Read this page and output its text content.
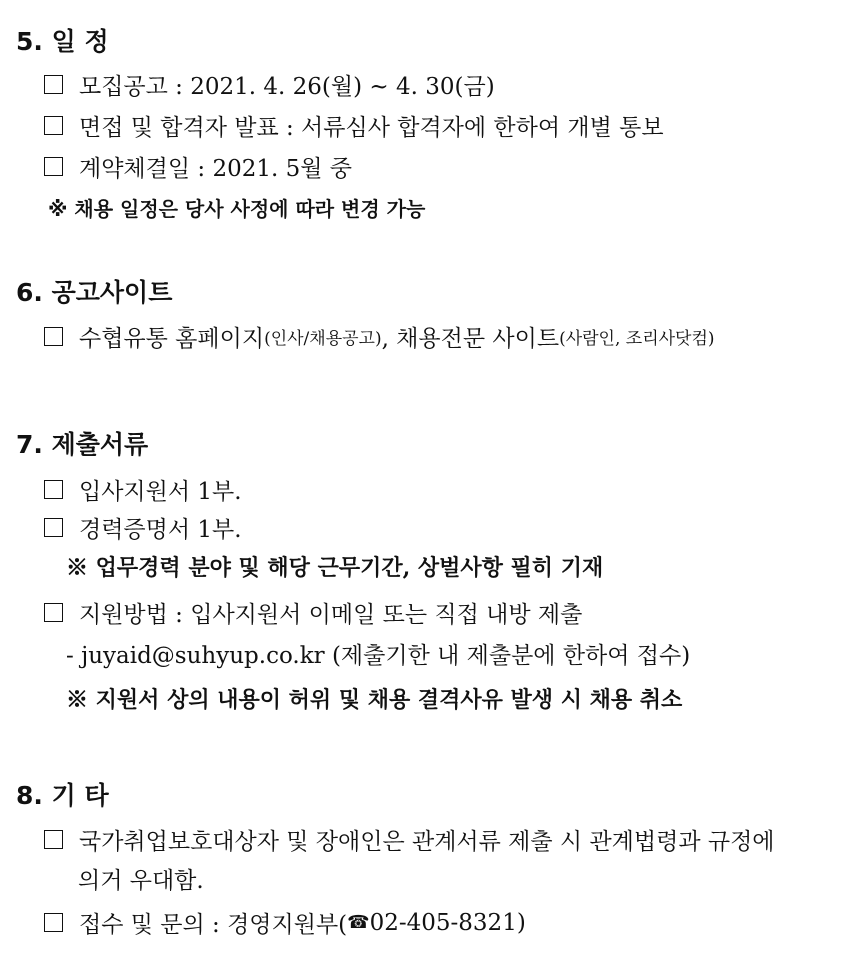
5. 일 정
모집공고 : 2021. 4. 26(월) ~ 4. 30(금)
면접 및 합격자 발표 : 서류심사 합격자에 한하여 개별 통보
계약체결일 : 2021. 5월 중
※ 채용 일정은 당사 사정에 따라 변경 가능
6. 공고사이트
수협유통 홈페이지 (인사/채용공고) , 채용전문 사이트 (사람인, 조리사닷컴)
7. 제출서류
입사지원서 1부.
경력증명서 1부.
※ 업무경력 분야 및 해당 근무기간, 상벌사항 필히 기재
지원방법 : 입사지원서 이메일 또는 직접 내방 제출
- juyaid@suhyup.co.kr (제출기한 내 제출분에 한하여 접수)
※ 지원서 상의 내용이 허위 및 채용 결격사유 발생 시 채용 취소
8. 기 타
국가취업보호대상자 및 장애인은 관계서류 제출 시 관계법령과 규정에
의거 우대함.
접수 및 문의 : 경영지원부( ☎ 02-405-8321)
